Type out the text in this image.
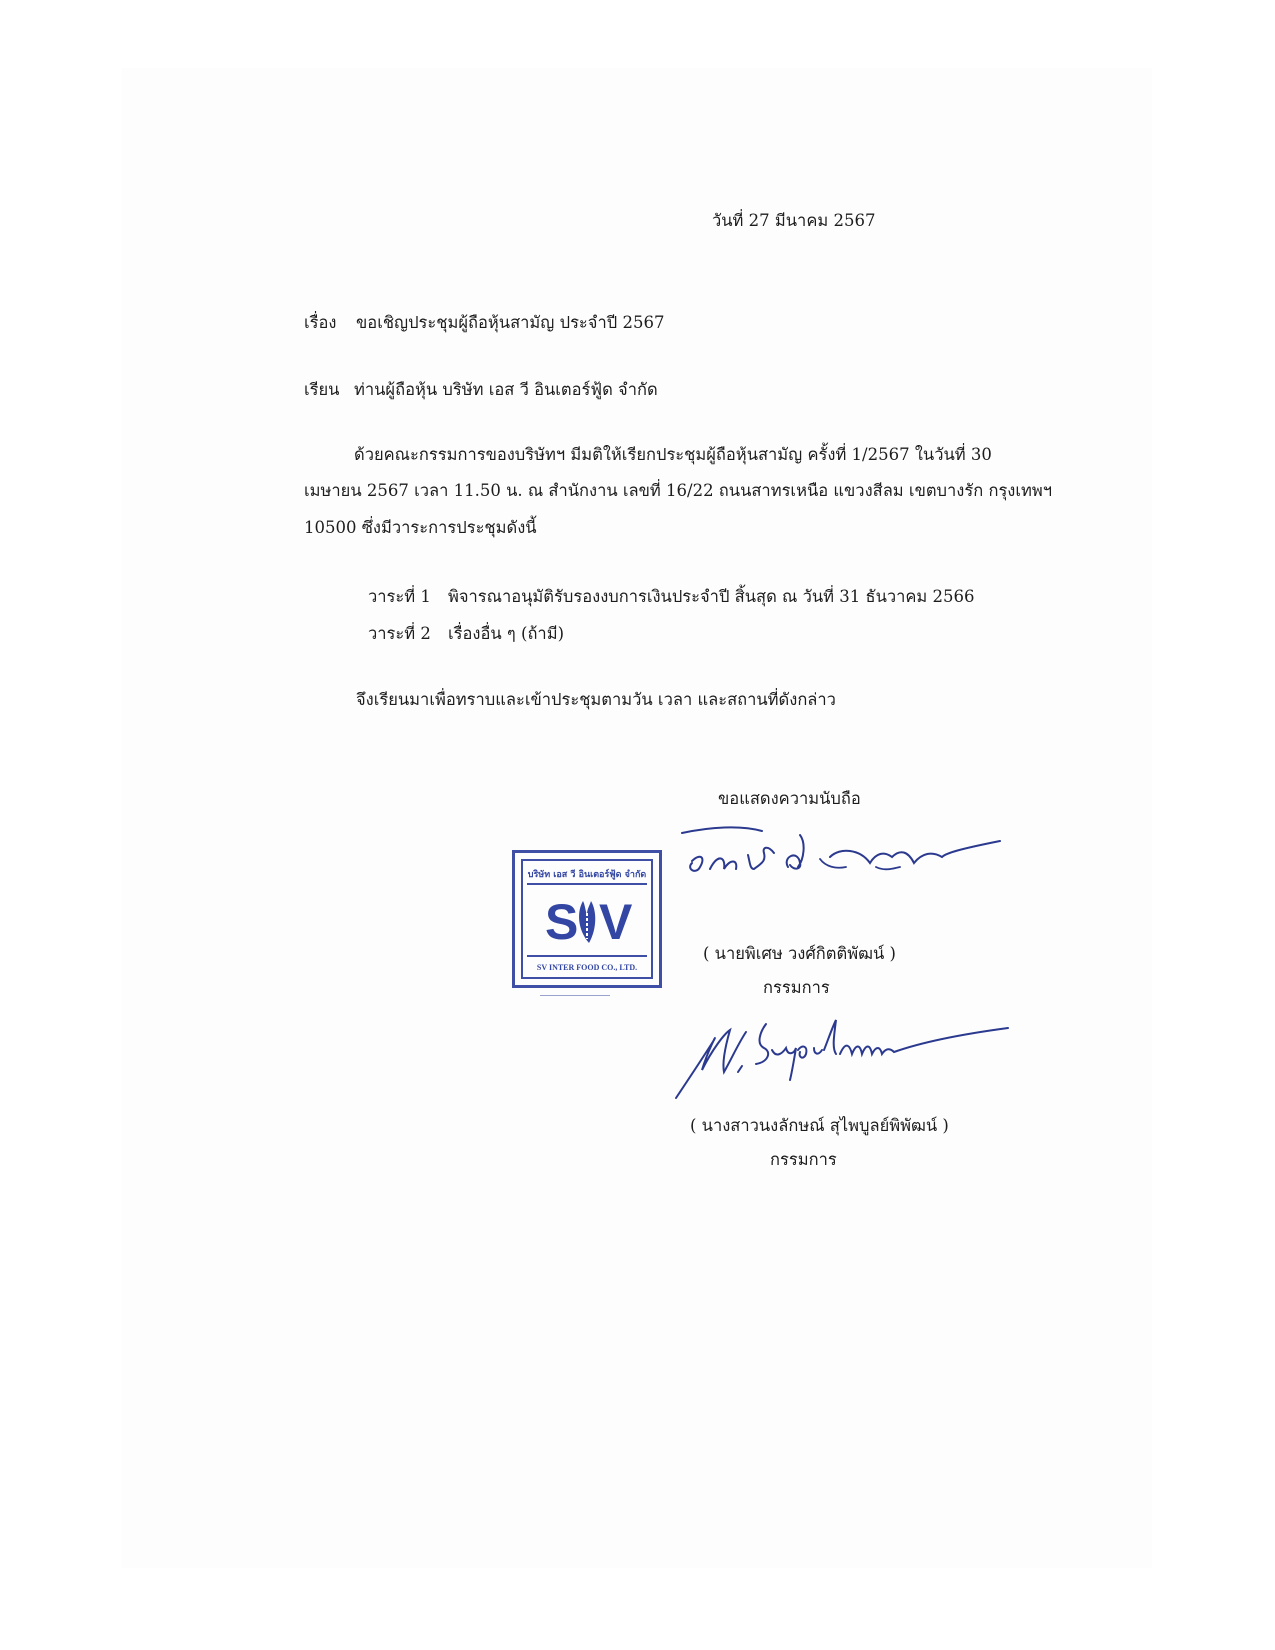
วันที่ 27 มีนาคม 2567
เรื่อง ขอเชิญประชุมผู้ถือหุ้นสามัญ ประจำปี 2567
เรียน ท่านผู้ถือหุ้น บริษัท เอส วี อินเตอร์ฟู้ด จำกัด
ด้วยคณะกรรมการของบริษัทฯ มีมติให้เรียกประชุมผู้ถือหุ้นสามัญ ครั้งที่ 1/2567 ในวันที่ 30
เมษายน 2567 เวลา 11.50 น. ณ สำนักงาน เลขที่ 16/22 ถนนสาทรเหนือ แขวงสีลม เขตบางรัก กรุงเทพฯ
10500 ซึ่งมีวาระการประชุมดังนี้
วาระที่ 1 พิจารณาอนุมัติรับรองงบการเงินประจำปี สิ้นสุด ณ วันที่ 31 ธันวาคม 2566
วาระที่ 2 เรื่องอื่น ๆ (ถ้ามี)
จึงเรียนมาเพื่อทราบและเข้าประชุมตามวัน เวลา และสถานที่ดังกล่าว
ขอแสดงความนับถือ
บริษัท เอส วี อินเตอร์ฟู้ด จำกัด
S V
SV INTER FOOD CO., LTD.
( นายพิเศษ วงศ์กิตติพัฒน์ )
กรรมการ
( นางสาวนงลักษณ์ สุไพบูลย์พิพัฒน์ )
กรรมการ
